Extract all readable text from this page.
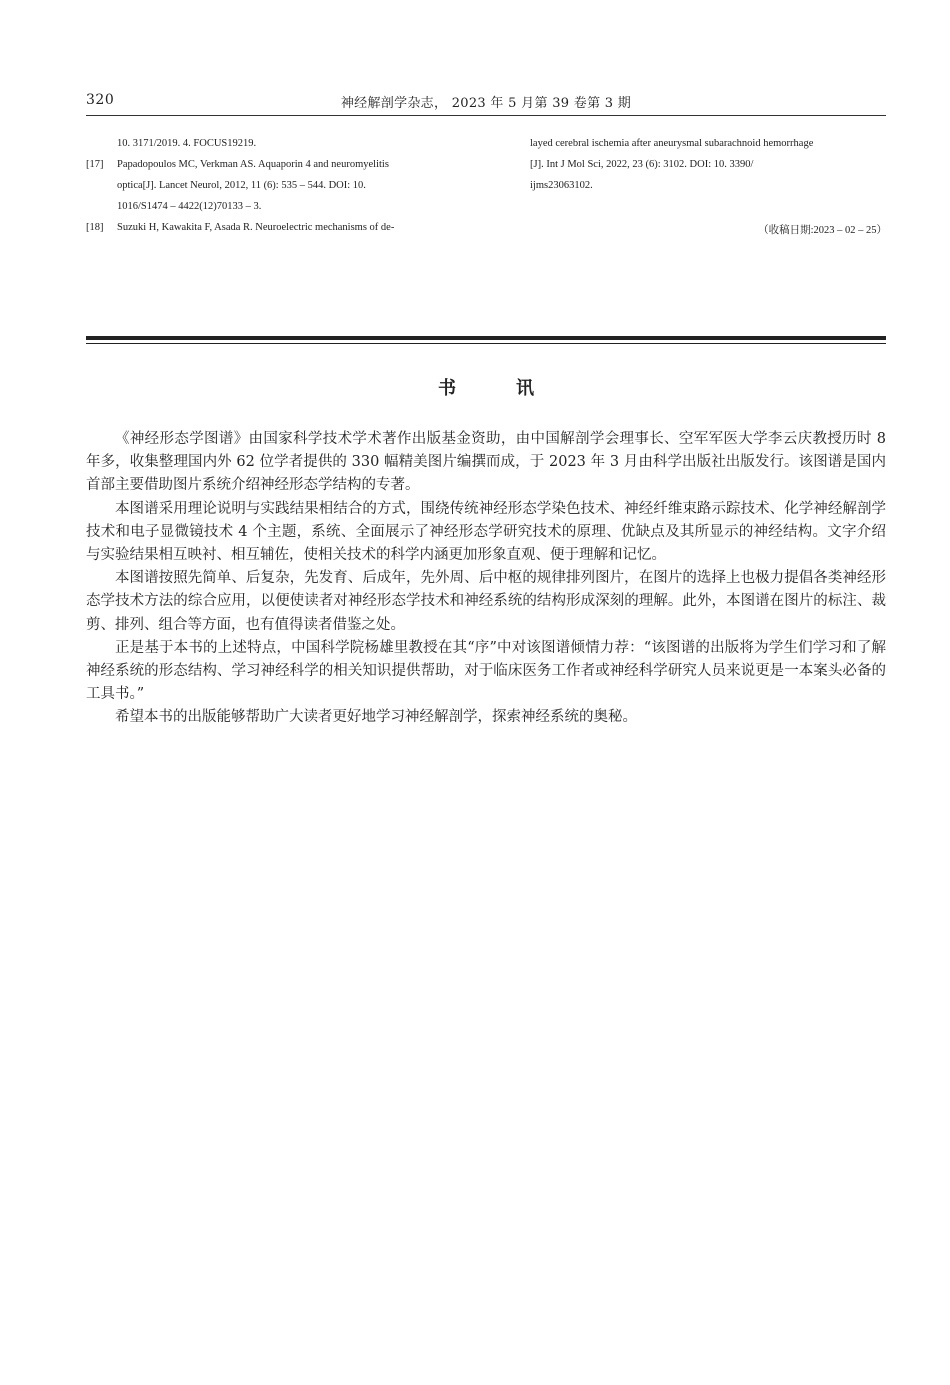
320	神经解剖学杂志， 2023 年 5 月第 39 卷第 3 期
10. 3171/2019. 4. FOCUS19219.
[17]	Papadopoulos MC, Verkman AS. Aquaporin 4 and neuromyelitis
optica[J]. Lancet Neurol, 2012, 11 (6): 535 – 544. DOI: 10.
1016/S1474 – 4422(12)70133 – 3.
[18]	Suzuki H, Kawakita F, Asada R. Neuroelectric mechanisms of de-
layed cerebral ischemia after aneurysmal subarachnoid hemorrhage
[J]. Int J Mol Sci, 2022, 23 (6): 3102. DOI: 10. 3390/
ijms23063102.
（收稿日期:2023 – 02 – 25）
书讯

《神经形态学图谱》由国家科学技术学术著作出版基金资助，由中国解剖学会理事长、空军军医大学李云庆教授历时 8 年多，收集整理国内外 62 位学者提供的 330 幅精美图片编撰而成，于 2023 年 3 月由科学出版社出版发行。该图谱是国内首部主要借助图片系统介绍神经形态学结构的专著。

本图谱采用理论说明与实践结果相结合的方式，围绕传统神经形态学染色技术、神经纤维束路示踪技术、化学神经解剖学技术和电子显微镜技术 4 个主题，系统、全面展示了神经形态学研究技术的原理、优缺点及其所显示的神经结构。文字介绍与实验结果相互映衬、相互辅佐，使相关技术的科学内涵更加形象直观、便于理解和记忆。

本图谱按照先简单、后复杂，先发育、后成年，先外周、后中枢的规律排列图片，在图片的选择上也极力提倡各类神经形态学技术方法的综合应用，以便使读者对神经形态学技术和神经系统的结构形成深刻的理解。此外，本图谱在图片的标注、裁剪、排列、组合等方面，也有值得读者借鉴之处。

正是基于本书的上述特点，中国科学院杨雄里教授在其“序”中对该图谱倾情力荐：“该图谱的出版将为学生们学习和了解神经系统的形态结构、学习神经科学的相关知识提供帮助，对于临床医务工作者或神经科学研究人员来说更是一本案头必备的工具书。”

希望本书的出版能够帮助广大读者更好地学习神经解剖学，探索神经系统的奥秘。
